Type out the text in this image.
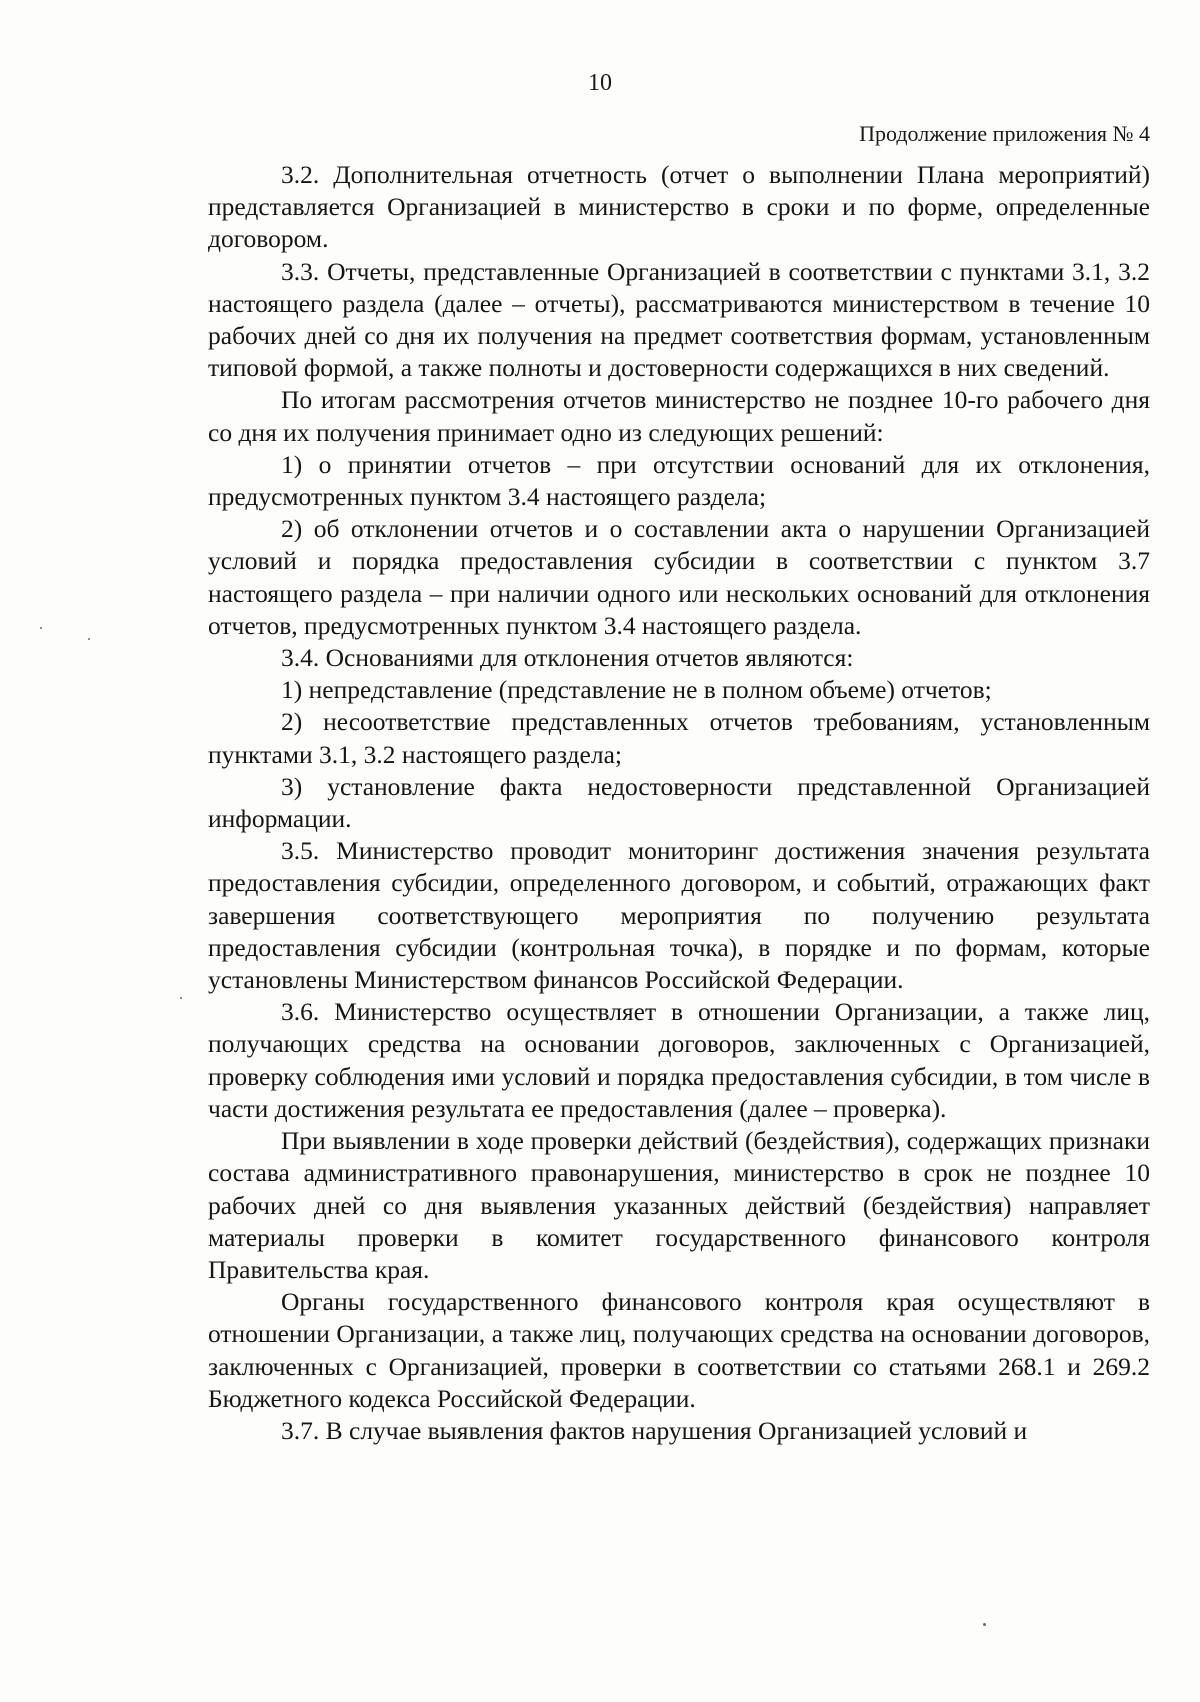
10
Продолжение приложения № 4

3.2. Дополнительная отчетность (отчет о выполнении Плана мероприятий) представляется Организацией в министерство в сроки и по форме, определенные договором.

3.3. Отчеты, представленные Организацией в соответствии с пунктами 3.1, 3.2 настоящего раздела (далее – отчеты), рассматриваются министерством в течение 10 рабочих дней со дня их получения на предмет соответствия формам, установленным типовой формой, а также полноты и достоверности содержащихся в них сведений.

По итогам рассмотрения отчетов министерство не позднее 10-го рабочего дня со дня их получения принимает одно из следующих решений:

1) о принятии отчетов – при отсутствии оснований для их отклонения, предусмотренных пунктом 3.4 настоящего раздела;

2) об отклонении отчетов и о составлении акта о нарушении Организацией условий и порядка предоставления субсидии в соответствии с пунктом 3.7 настоящего раздела – при наличии одного или нескольких оснований для отклонения отчетов, предусмотренных пунктом 3.4 настоящего раздела.

3.4. Основаниями для отклонения отчетов являются:

1) непредставление (представление не в полном объеме) отчетов;

2) несоответствие представленных отчетов требованиям, установленным пунктами 3.1, 3.2 настоящего раздела;

3) установление факта недостоверности представленной Организацией информации.

3.5. Министерство проводит мониторинг достижения значения результата предоставления субсидии, определенного договором, и событий, отражающих факт завершения соответствующего мероприятия по получению результата предоставления субсидии (контрольная точка), в порядке и по формам, которые установлены Министерством финансов Российской Федерации.

3.6. Министерство осуществляет в отношении Организации, а также лиц, получающих средства на основании договоров, заключенных с Организацией, проверку соблюдения ими условий и порядка предоставления субсидии, в том числе в части достижения результата ее предоставления (далее – проверка).

При выявлении в ходе проверки действий (бездействия), содержащих признаки состава административного правонарушения, министерство в срок не позднее 10 рабочих дней со дня выявления указанных действий (бездействия) направляет материалы проверки в комитет государственного финансового контроля Правительства края.

Органы государственного финансового контроля края осуществляют в отношении Организации, а также лиц, получающих средства на основании договоров, заключенных с Организацией, проверки в соответствии со статьями 268.1 и 269.2 Бюджетного кодекса Российской Федерации.

3.7. В случае выявления фактов нарушения Организацией условий и
